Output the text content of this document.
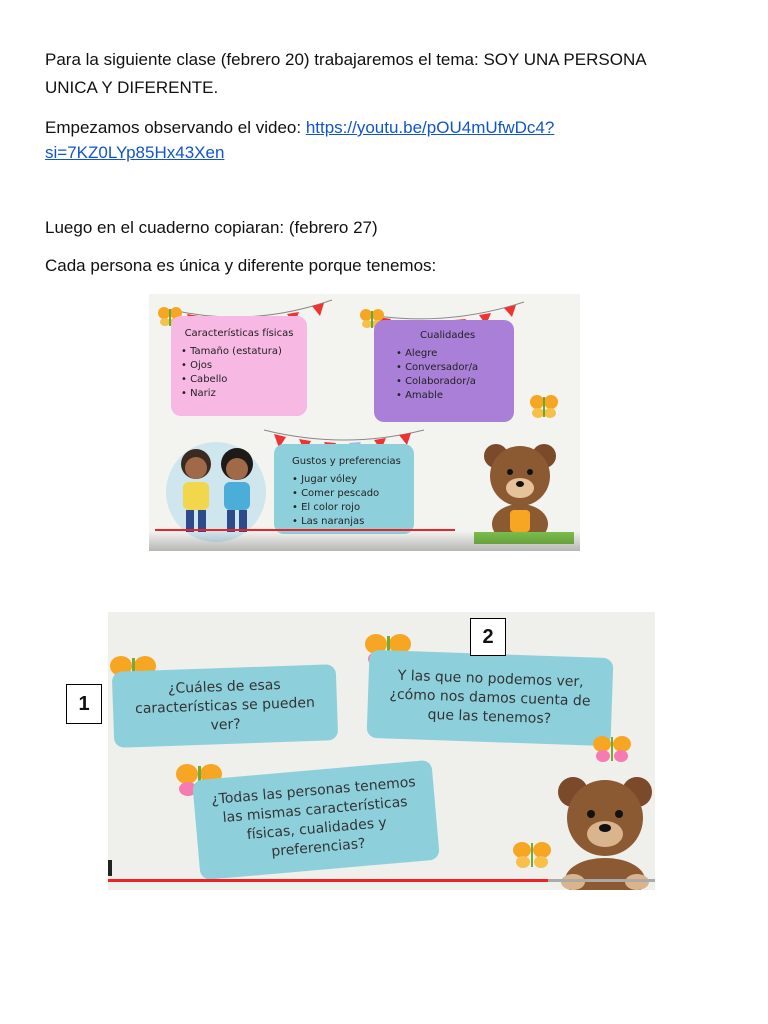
Para la siguiente clase (febrero 20) trabajaremos el tema: SOY UNA PERSONA

UNICA Y DIFERENTE.

Empezamos observando el video: https://youtu.be/pOU4mUfwDc4?

si=7KZ0LYp85Hx43Xen

Luego en el cuaderno copiaran: (febrero 27)

Cada persona es única y diferente porque tenemos:

Características físicas

• Tamaño (estatura)
• Ojos
• Cabello
• Nariz

Cualidades

• Alegre
• Conversador/a
• Colaborador/a
• Amable

Gustos y preferencias

• Jugar vóley
• Comer pescado
• El color rojo
• Las naranjas
¿Cuáles de esas características se pueden ver?
Y las que no podemos ver, ¿cómo nos damos cuenta de que las tenemos?
¿Todas las personas tenemos las mismas características físicas, cualidades y preferencias?
1
2
